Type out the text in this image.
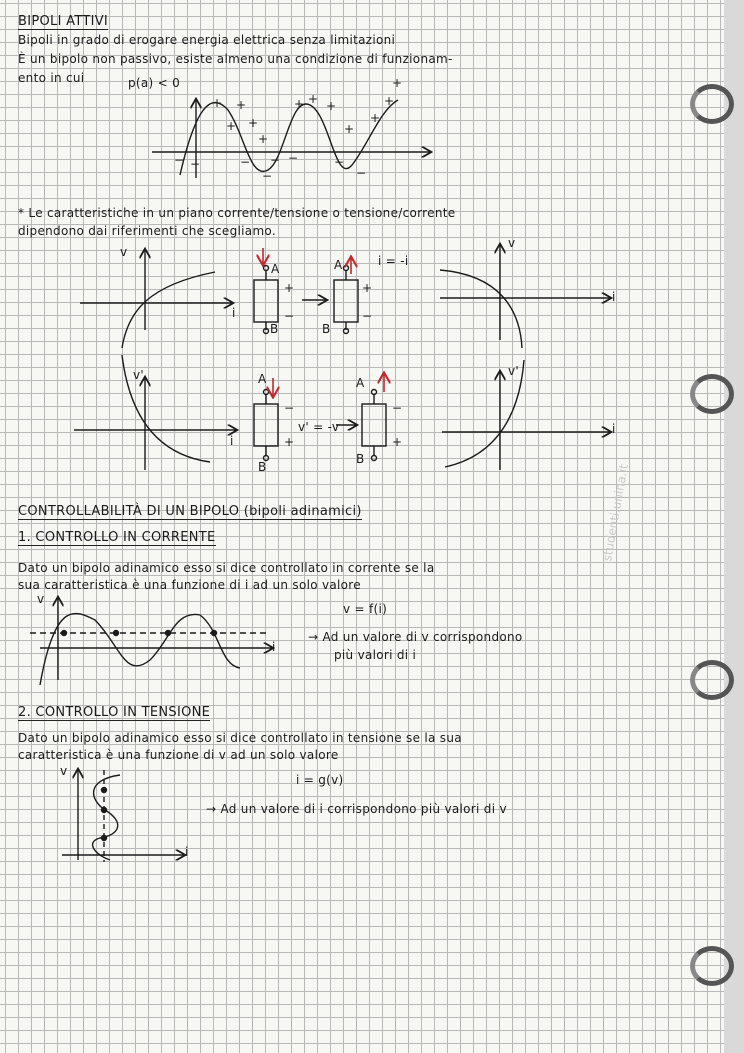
studenti.unina.it
BIPOLI ATTIVI
Bipoli in grado di erogare energia elettrica senza limitazioni
È un bipolo non passivo, esiste almeno una condizione di funzionam-
ento in cui	p(a) < 0
* Le caratteristiche in un piano corrente/tensione o tensione/corrente
dipendono dai riferimenti che scegliamo.
i = -i
v' = -v
CONTROLLABILITÀ DI UN BIPOLO (bipoli adinamici)
1. CONTROLLO IN CORRENTE
Dato un bipolo adinamico esso si dice controllato in corrente se la
sua caratteristica è una funzione di i ad un solo valore
v = f(i)
→ Ad un valore di v corrispondono
più valori di i
2. CONTROLLO IN TENSIONE
Dato un bipolo adinamico esso si dice controllato in tensione se la sua
caratteristica è una funzione di v ad un solo valore
i = g(v)
→ Ad un valore di i corrispondono più valori di v
+ +
+
+
+ + +
+
+
+
+
+
−	−
−
−	−
−
−
−
+
−
+
−
−
+
−
+
v
i
v
i
v'
i
v'
i
v
i
v
i
A
B
A
B
A
B
A
B
